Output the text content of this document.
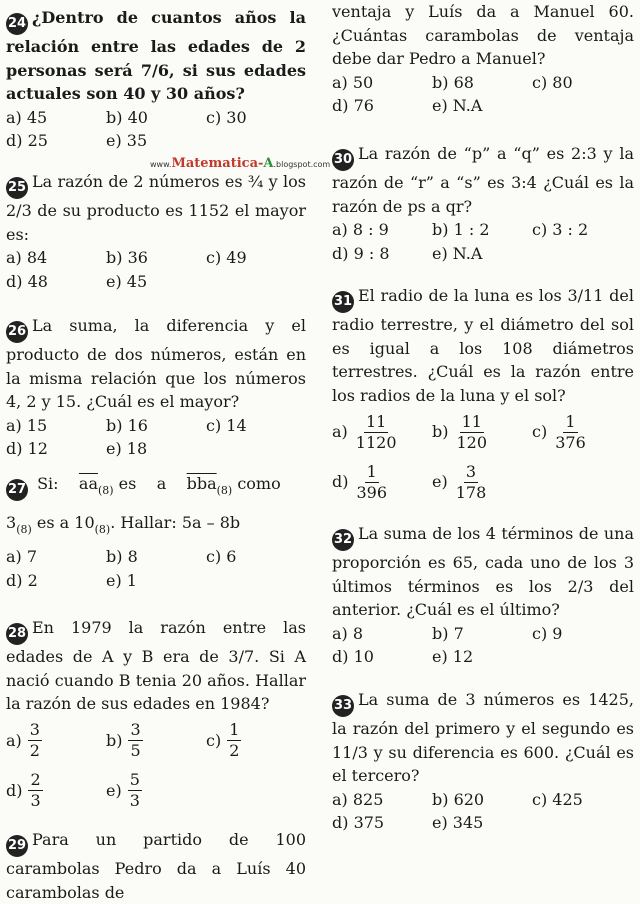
24 ¿Dentro de cuantos años la relación entre las edades de 2 personas será 7/6, si sus edades actuales son 40 y 30 años?

a) 45	b) 40	c) 30
d) 25	e) 35

25 La razón de 2 números es ¾ y los 2/3 de su producto es 1152 el mayor es:

a) 84	b) 36	c) 49
d) 48	e) 45

26 La suma, la diferencia y el producto de dos números, están en la misma relación que los números 4, 2 y 15. ¿Cuál es el mayor?

a) 15	b) 16	c) 14
d) 12	e) 18

27 Si: $\overline{aa}_{(8)}$ es a $\overline{bba}_{(8)}$ como

$3_{(8)}$ es a $10_{(8)}$. Hallar: 5a – 8b

a) 7	b) 8	c) 6
d) 2	e) 1

28 En 1979 la razón entre las edades de A y B era de 3/7. Si A nació cuando B tenia 20 años. Hallar la razón de sus edades en 1984?

$a) \frac{3}{2}$	$b) \frac{3}{5}$	$c) \frac{1}{2}$
$d) \frac{2}{3}$	$e) \frac{5}{3}$

29 Para un partido de 100 carambolas Pedro da a Luís 40 carambolas de

www.Matematica-A.blogspot.com

ventaja y Luís da a Manuel 60. ¿Cuántas carambolas de ventaja debe dar Pedro a Manuel?

a) 50	b) 68	c) 80
d) 76	e) N.A

30 La razón de “p” a “q” es 2:3 y la razón de “r” a “s” es 3:4 ¿Cuál es la razón de ps a qr?

a) 8 : 9	b) 1 : 2	c) 3 : 2
d) 9 : 8	e) N.A

31 El radio de la luna es los 3/11 del radio terrestre, y el diámetro del sol es igual a los 108 diámetros terrestres. ¿Cuál es la razón entre los radios de la luna y el sol?

$a) \frac{11}{1120} b) \frac{11}{120}$	$c) \frac{1}{376}$
$d) \frac{1}{396}$	$e) \frac{3}{178}$

32 La suma de los 4 términos de una proporción es 65, cada uno de los 3 últimos términos es los 2/3 del anterior. ¿Cuál es el último?

a) 8	b) 7	c) 9
d) 10	e) 12

33 La suma de 3 números es 1425, la razón del primero y el segundo es 11/3 y su diferencia es 600. ¿Cuál es el tercero?

a) 825	b) 620	c) 425
d) 375	e) 345
